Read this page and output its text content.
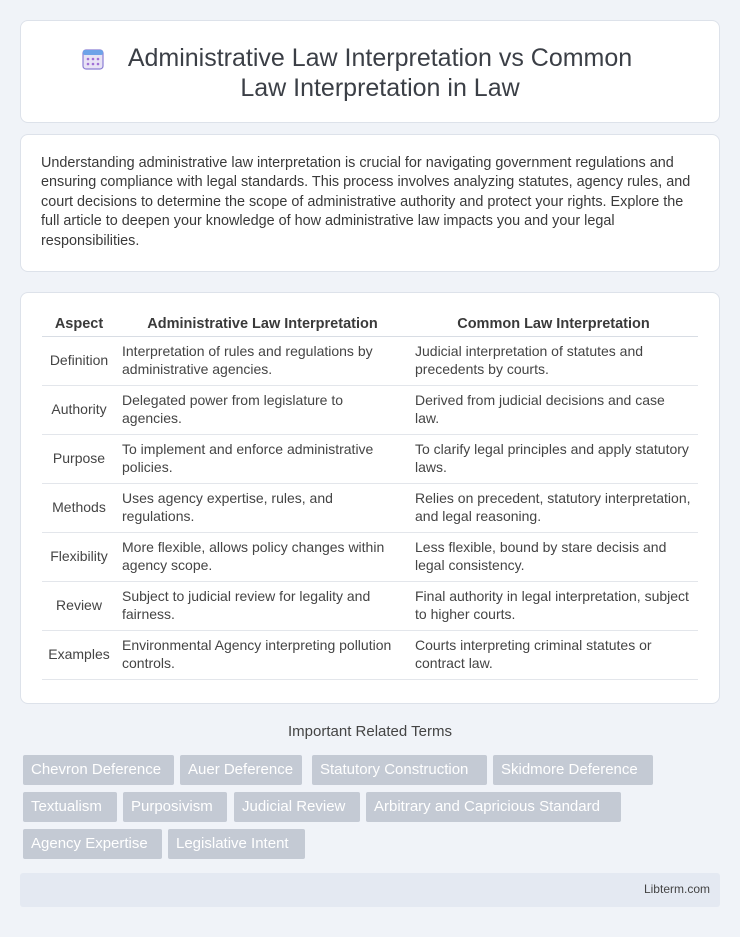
Administrative Law Interpretation vs Common Law Interpretation in Law

Understanding administrative law interpretation is crucial for navigating government regulations and ensuring compliance with legal standards. This process involves analyzing statutes, agency rules, and court decisions to determine the scope of administrative authority and protect your rights. Explore the full article to deepen your knowledge of how administrative law impacts you and your legal responsibilities.

Aspect	Administrative Law Interpretation	Common Law Interpretation
Definition	Interpretation of rules and regulations by administrative agencies.	Judicial interpretation of statutes and precedents by courts.
Authority	Delegated power from legislature to agencies.	Derived from judicial decisions and case law.
Purpose	To implement and enforce administrative policies.	To clarify legal principles and apply statutory laws.
Methods	Uses agency expertise, rules, and regulations.	Relies on precedent, statutory interpretation, and legal reasoning.
Flexibility	More flexible, allows policy changes within agency scope.	Less flexible, bound by stare decisis and legal consistency.
Review	Subject to judicial review for legality and fairness.	Final authority in legal interpretation, subject to higher courts.
Examples	Environmental Agency interpreting pollution controls.	Courts interpreting criminal statutes or contract law.
Important Related Terms
Chevron Deference	Auer Deference	Statutory Construction	Skidmore Deference
Textualism	Purposivism	Judicial Review	Arbitrary and Capricious Standard
Agency Expertise	Legislative Intent
Libterm.com
